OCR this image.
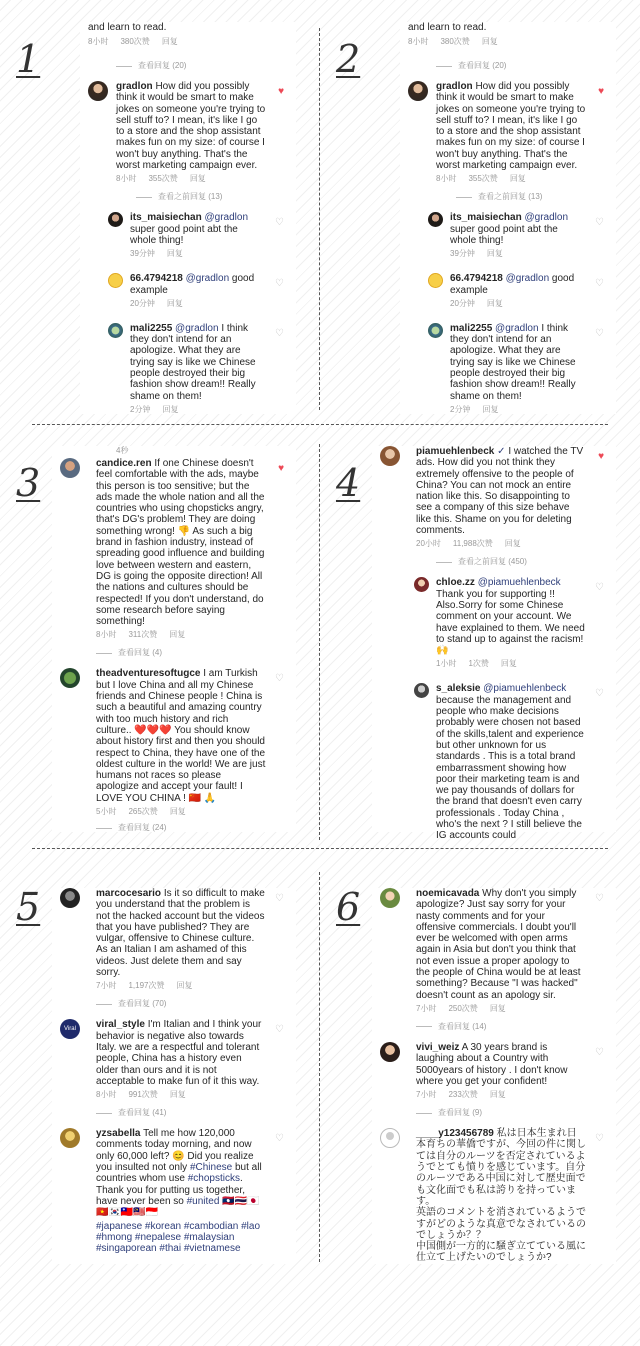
1	2
3	4
5	6
and learn to read.
8小时 380次赞 回复
查看回复 (20)
gradlon How did you possibly think it would be smart to make jokes on someone you're trying to sell stuff to? I mean, it's like I go to a store and the shop assistant makes fun on my size: of course I won't buy anything. That's the worst marketing campaign ever.
8小时 355次赞 回复
♥
查看之前回复 (13)
its_maisiechan @gradlon super good point abt the whole thing!
39分钟 回复
♡
66.4794218 @gradlon good example
20分钟 回复
♡
mali2255 @gradlon I think they don't intend for an apologize. What they are trying say is like we Chinese people destroyed their big fashion show dream!! Really shame on them!
2分钟 回复
♡
and learn to read.
8小时 380次赞 回复
查看回复 (20)
gradlon How did you possibly think it would be smart to make jokes on someone you're trying to sell stuff to? I mean, it's like I go to a store and the shop assistant makes fun on my size: of course I won't buy anything. That's the worst marketing campaign ever.
8小时 355次赞 回复
♥
查看之前回复 (13)
its_maisiechan @gradlon super good point abt the whole thing!
39分钟 回复
♡
66.4794218 @gradlon good example
20分钟 回复
♡
mali2255 @gradlon I think they don't intend for an apologize. What they are trying say is like we Chinese people destroyed their big fashion show dream!! Really shame on them!
2分钟 回复
♡
4秒
candice.ren If one Chinese doesn't feel comfortable with the ads, maybe this person is too sensitive; but the ads made the whole nation and all the countries who using chopsticks angry, that's DG's problem! They are doing something wrong! 👎 As such a big brand in fashion industry, instead of spreading good influence and building love between western and eastern, DG is going the opposite direction! All the nations and cultures should be respected! If you don't understand, do some research before saying something!
8小时 311次赞 回复
♥
查看回复 (4)
theadventuresoftugce I am Turkish but I love China and all my Chinese friends and Chinese people ! China is such a beautiful and amazing country with too much history and rich culture.. ❤️❤️❤️ You should know about history first and then you should respect to China, they have one of the oldest culture in the world! We are just humans not races so please apologize and accept your fault! I LOVE YOU CHINA ! 🇨🇳 🙏
5小时 265次赞 回复
♡
查看回复 (24)
piamuehlenbeck ✓ I watched the TV ads. How did you not think they extremely offensive to the people of China? You can not mock an entire nation like this. So disappointing to see a company of this size behave like this. Shame on you for deleting comments.
20小时 11,988次赞 回复
♥
查看之前回复 (450)
chloe.zz @piamuehlenbeck Thank you for supporting !! Also.Sorry for some Chinese comment on your account. We have explained to them. We need to stand up to against the racism!🙌
1小时 1次赞 回复
♡
s_aleksie @piamuehlenbeck because the management and people who make decisions probably were chosen not based of the skills,talent and experience but other unknown for us standards . This is a total brand embarrassment showing how poor their marketing team is and we pay thousands of dollars for the brand that doesn't even carry professionals . Today China , who's the next ? I still believe the IG accounts could
♡
marcocesario Is it so difficult to make you understand that the problem is not the hacked account but the videos that you have published? They are vulgar, offensive to Chinese culture. As an Italian I am ashamed of this videos. Just delete them and say sorry.
7小时 1,197次赞 回复
♡
查看回复 (70)
Viral Style
viral_style I'm Italian and I think your behavior is negative also towards Italy. we are a respectful and tolerant people, China has a history even older than ours and it is not acceptable to make fun of it this way.
8小时 991次赞 回复
♡
查看回复 (41)
yzsabella Tell me how 120,000 comments today morning, and now only 60,000 left? 😊 Did you realize you insulted not only #Chinese but all countries whom use #chopsticks. Thank you for putting us together, have never been so #united 🇱🇦🇹🇭🇯🇵🇻🇳🇰🇷🇹🇼🇲🇾🇮🇩
#japanese #korean #cambodian #lao #hmong #nepalese #malaysian #singaporean #thai #vietnamese
♡
noemicavada Why don't you simply apologize? Just say sorry for your nasty comments and for your offensive commercials. I doubt you'll ever be welcomed with open arms again in Asia but don't you think that not even issue a proper apology to the people of China would be at least something? Because "I was hacked" doesn't count as an apology sir.
7小时 250次赞 回复
♡
查看回复 (14)
vivi_weiz A 30 years brand is laughing about a Country with 5000years of history . I don't know where you get your confident!
7小时 233次赞 回复
♡
查看回复 (9)
____y123456789 私は日本生まれ日本育ちの華僑ですが、今回の件に関しては自分のルーツを否定されているようでとても憤りを感じています。自分のルーツである中国に対して歴史面でも文化面でも私は誇りを持っています。
英語のコメントを消されているようですがどのような真意でなされているのでしょうか？？
中国側が一方的に騒ぎ立てている風に仕立て上げたいのでしょうか?
♡
